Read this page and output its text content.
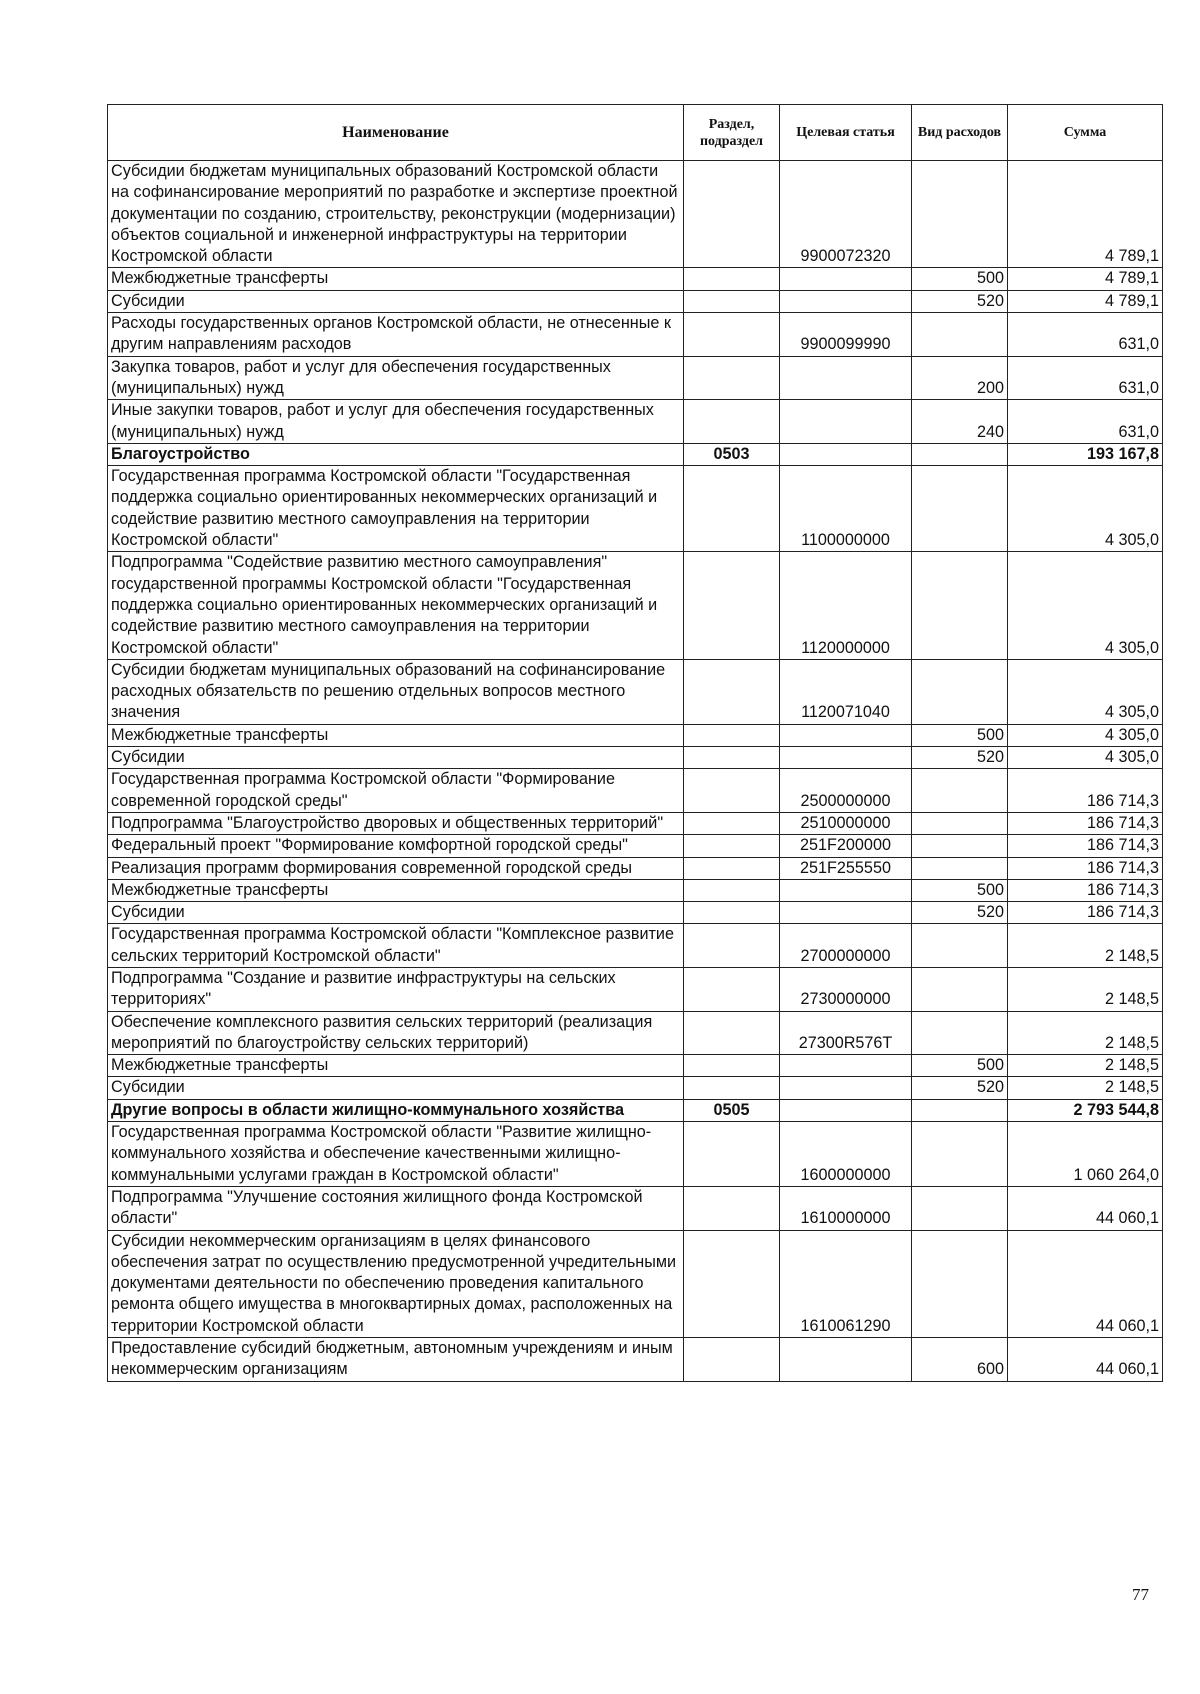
Наименование	Раздел, подраздел	Целевая статья	Вид расходов	Сумма
Субсидии бюджетам муниципальных образований Костромской области на софинансирование мероприятий по разработке и экспертизе проектной документации по созданию, строительству, реконструкции (модернизации) объектов социальной и инженерной инфраструктуры на территории Костромской области		9900072320		4 789,1
Межбюджетные трансферты			500	4 789,1
Субсидии			520	4 789,1
Расходы государственных органов Костромской области, не отнесенные к другим направлениям расходов		9900099990		631,0
Закупка товаров, работ и услуг для обеспечения государственных (муниципальных) нужд			200	631,0
Иные закупки товаров, работ и услуг для обеспечения государственных (муниципальных) нужд			240	631,0
Благоустройство	0503			193 167,8
Государственная программа Костромской области "Государственная поддержка социально ориентированных некоммерческих организаций и содействие развитию местного самоуправления на территории Костромской области"		1100000000		4 305,0
Подпрограмма "Содействие развитию местного самоуправления" государственной программы Костромской области "Государственная поддержка социально ориентированных некоммерческих организаций и содействие развитию местного самоуправления на территории Костромской области"		1120000000		4 305,0
Субсидии бюджетам муниципальных образований на софинансирование расходных обязательств по решению отдельных вопросов местного значения		1120071040		4 305,0
Межбюджетные трансферты			500	4 305,0
Субсидии			520	4 305,0
Государственная программа Костромской области "Формирование современной городской среды"		2500000000		186 714,3
Подпрограмма "Благоустройство дворовых и общественных территорий"		2510000000		186 714,3
Федеральный проект "Формирование комфортной городской среды"		251F200000		186 714,3
Реализация программ формирования современной городской среды		251F255550		186 714,3
Межбюджетные трансферты			500	186 714,3
Субсидии			520	186 714,3
Государственная программа Костромской области "Комплексное развитие сельских территорий Костромской области"		2700000000		2 148,5
Подпрограмма "Создание и развитие инфраструктуры на сельских территориях"		2730000000		2 148,5
Обеспечение комплексного развития сельских территорий (реализация мероприятий по благоустройству сельских территорий)		27300R576T		2 148,5
Межбюджетные трансферты			500	2 148,5
Субсидии			520	2 148,5
Другие вопросы в области жилищно-коммунального хозяйства	0505			2 793 544,8
Государственная программа Костромской области "Развитие жилищно-коммунального хозяйства и обеспечение качественными жилищно-коммунальными услугами граждан в Костромской области"		1600000000		1 060 264,0
Подпрограмма "Улучшение состояния жилищного фонда Костромской области"		1610000000		44 060,1
Субсидии некоммерческим организациям в целях финансового обеспечения затрат по осуществлению предусмотренной учредительными документами деятельности по обеспечению проведения капитального ремонта общего имущества в многоквартирных домах, расположенных на территории Костромской области		1610061290		44 060,1
Предоставление субсидий бюджетным, автономным учреждениям и иным некоммерческим организациям			600	44 060,1
77
